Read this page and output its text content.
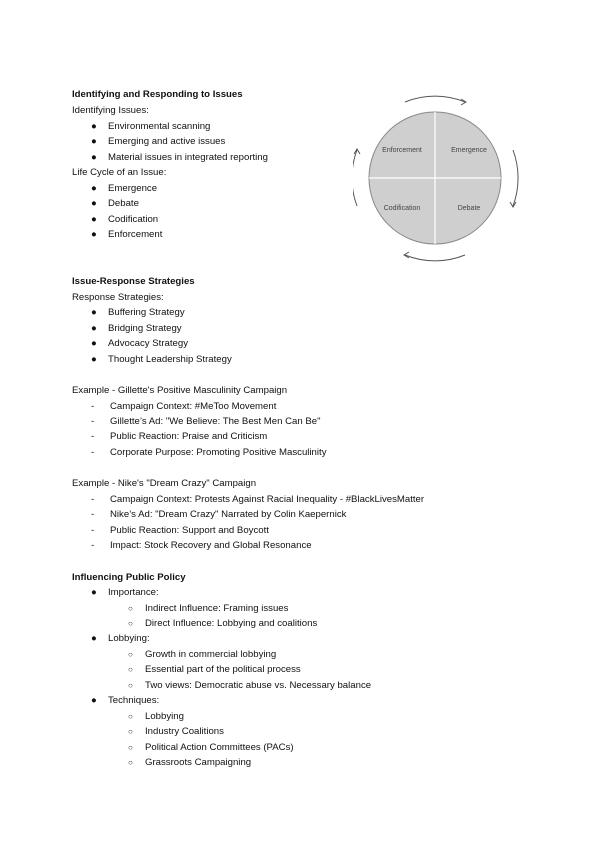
Identifying and Responding to Issues
Identifying Issues:
● Environmental scanning
● Emerging and active issues
● Material issues in integrated reporting
Life Cycle of an Issue:
● Emergence
● Debate
● Codification
● Enforcement
Enforcement	Emergence
Codification	Debate
Issue-Response Strategies
Response Strategies:
● Buffering Strategy
● Bridging Strategy
● Advocacy Strategy
● Thought Leadership Strategy
Example - Gillette's Positive Masculinity Campaign
- Campaign Context: #MeToo Movement
- Gillette’s Ad: "We Believe: The Best Men Can Be"
- Public Reaction: Praise and Criticism
- Corporate Purpose: Promoting Positive Masculinity
Example - Nike's "Dream Crazy" Campaign
- Campaign Context: Protests Against Racial Inequality - #BlackLivesMatter
- Nike’s Ad: "Dream Crazy" Narrated by Colin Kaepernick
- Public Reaction: Support and Boycott
- Impact: Stock Recovery and Global Resonance
Influencing Public Policy
● Importance:
○ Indirect Influence: Framing issues
○ Direct Influence: Lobbying and coalitions
● Lobbying:
○ Growth in commercial lobbying
○ Essential part of the political process
○ Two views: Democratic abuse vs. Necessary balance
● Techniques:
○ Lobbying
○ Industry Coalitions
○ Political Action Committees (PACs)
○ Grassroots Campaigning
